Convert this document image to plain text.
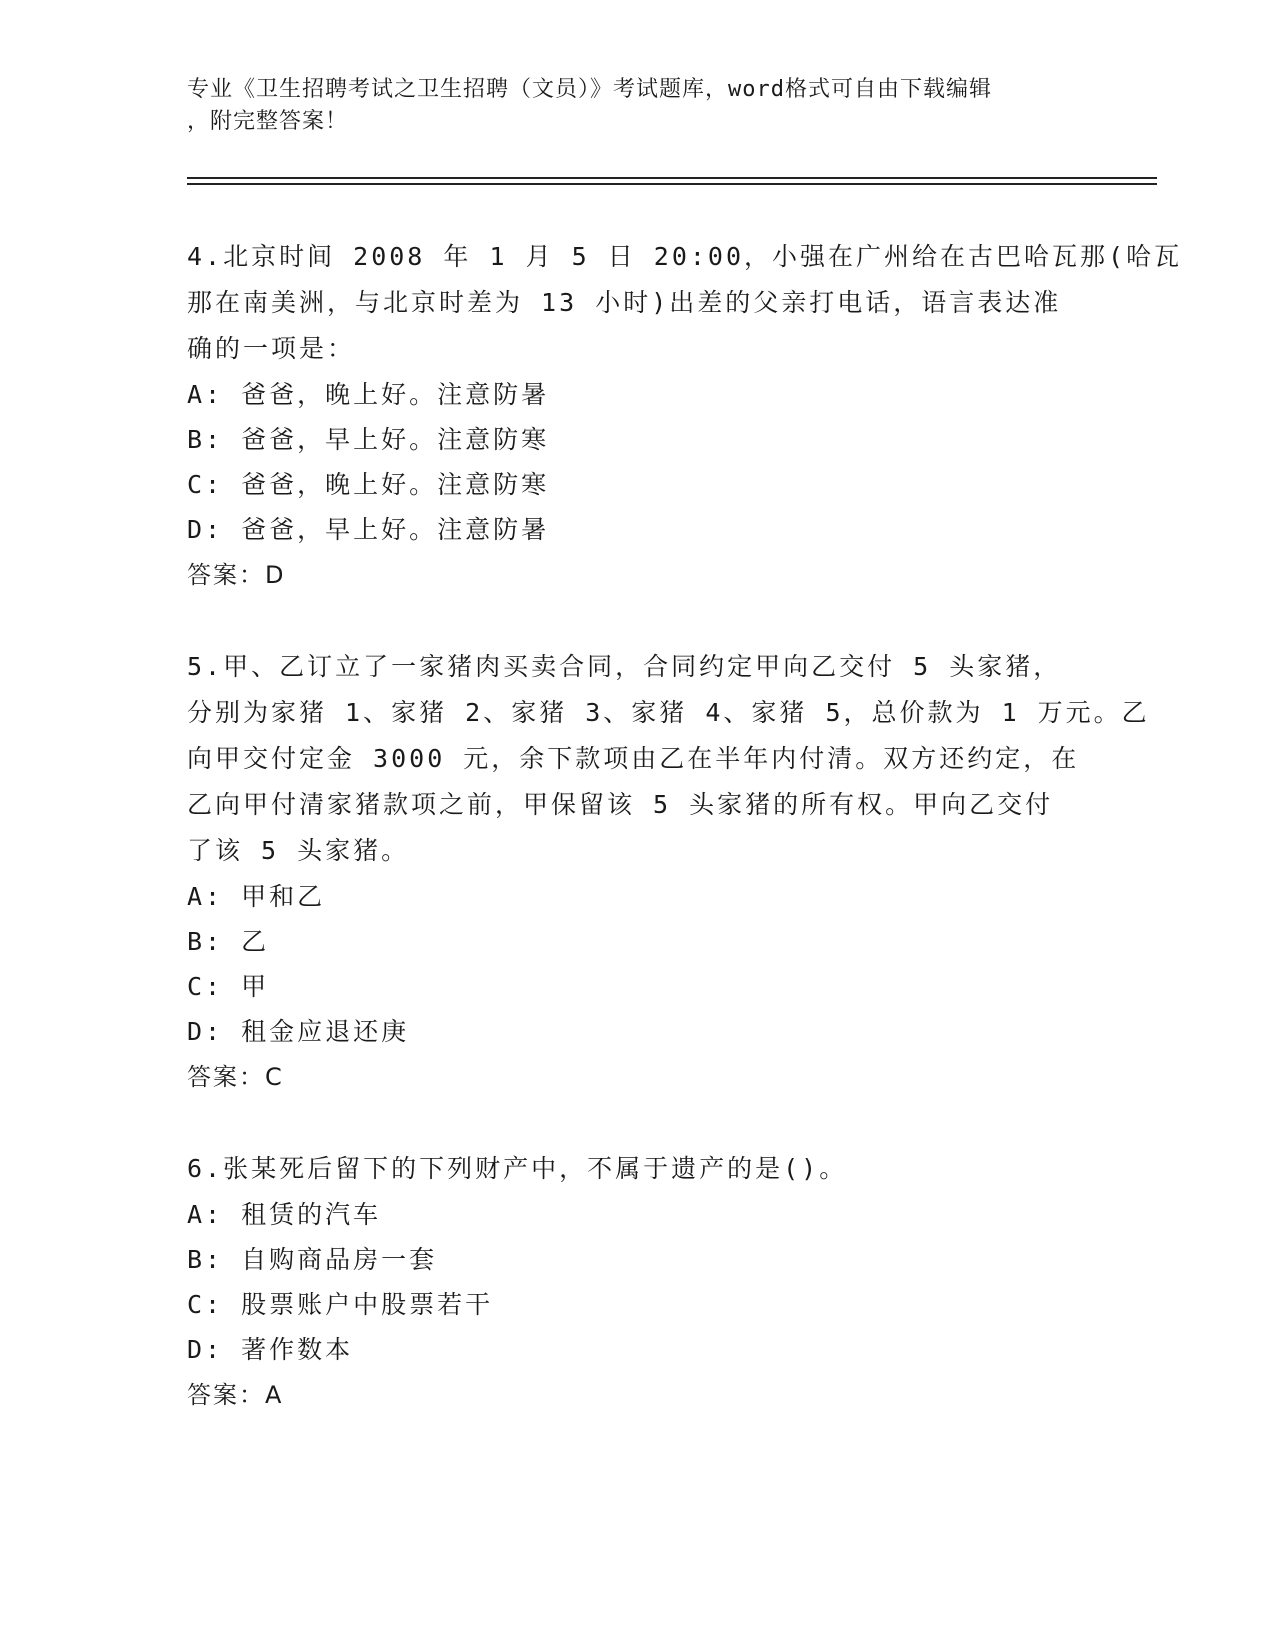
专业《卫生招聘考试之卫生招聘（文员）》考试题库，word格式可自由下载编辑
，附完整答案！
4.北京时间 2008 年 1 月 5 日 20:00，小强在广州给在古巴哈瓦那(哈瓦
那在南美洲，与北京时差为 13 小时)出差的父亲打电话，语言表达准
确的一项是：
A: 爸爸，晚上好。注意防暑
B: 爸爸，早上好。注意防寒
C: 爸爸，晚上好。注意防寒
D: 爸爸，早上好。注意防暑
答案：D
5.甲、乙订立了一家猪肉买卖合同，合同约定甲向乙交付 5 头家猪，
分别为家猪 1、家猪 2、家猪 3、家猪 4、家猪 5，总价款为 1 万元。乙
向甲交付定金 3000 元，余下款项由乙在半年内付清。双方还约定，在
乙向甲付清家猪款项之前，甲保留该 5 头家猪的所有权。甲向乙交付
了该 5 头家猪。
A: 甲和乙
B: 乙
C: 甲
D: 租金应退还庚
答案：C
6.张某死后留下的下列财产中，不属于遗产的是()。
A: 租赁的汽车
B: 自购商品房一套
C: 股票账户中股票若干
D: 著作数本
答案：A
